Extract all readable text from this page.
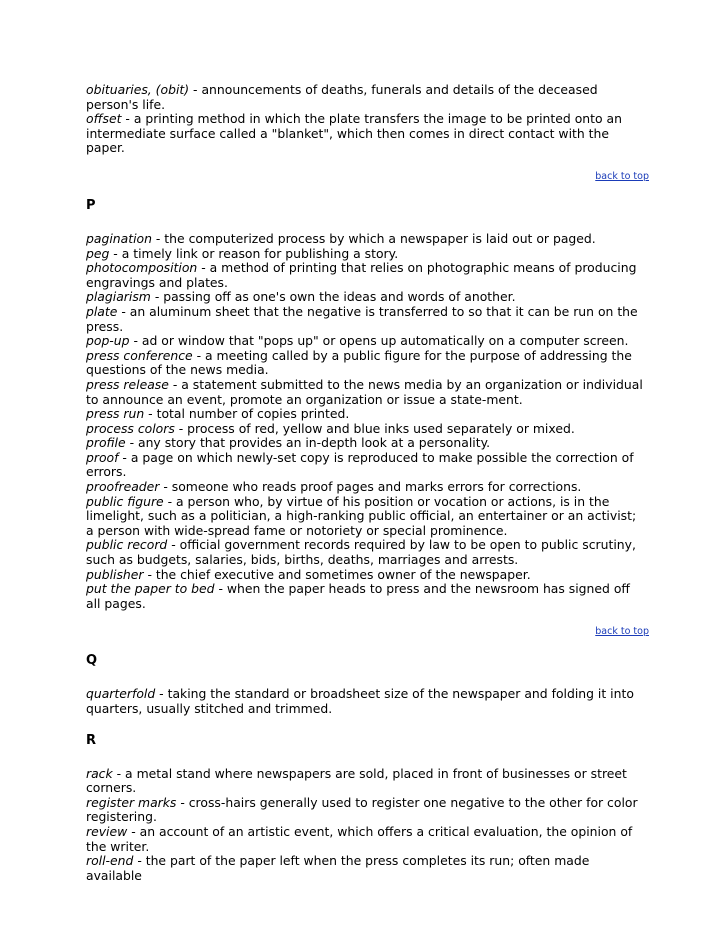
obituaries, (obit) - announcements of deaths, funerals and details of the deceased person's life.

offset - a printing method in which the plate transfers the image to be printed onto an intermediate surface called a "blanket", which then comes in direct contact with the paper.

back to top

P

pagination - the computerized process by which a newspaper is laid out or paged.

peg - a timely link or reason for publishing a story.

photocomposition - a method of printing that relies on photographic means of producing engravings and plates.

plagiarism - passing off as one's own the ideas and words of another.

plate - an aluminum sheet that the negative is transferred to so that it can be run on the press.

pop-up - ad or window that "pops up" or opens up automatically on a computer screen.

press conference - a meeting called by a public figure for the purpose of addressing the questions of the news media.

press release - a statement submitted to the news media by an organization or individual to announce an event, promote an organization or issue a state-ment.

press run - total number of copies printed.

process colors - process of red, yellow and blue inks used separately or mixed.

profile - any story that provides an in-depth look at a personality.

proof - a page on which newly-set copy is reproduced to make possible the correction of errors.

proofreader - someone who reads proof pages and marks errors for corrections.

public figure - a person who, by virtue of his position or vocation or actions, is in the limelight, such as a politician, a high-ranking public official, an entertainer or an activist; a person with wide-spread fame or notoriety or special prominence.

public record - official government records required by law to be open to public scrutiny, such as budgets, salaries, bids, births, deaths, marriages and arrests.

publisher - the chief executive and sometimes owner of the newspaper.

put the paper to bed - when the paper heads to press and the newsroom has signed off all pages.

back to top

Q

quarterfold - taking the standard or broadsheet size of the newspaper and folding it into quarters, usually stitched and trimmed.

R

rack - a metal stand where newspapers are sold, placed in front of businesses or street corners.

register marks - cross-hairs generally used to register one negative to the other for color registering.

review - an account of an artistic event, which offers a critical evaluation, the opinion of the writer.

roll-end - the part of the paper left when the press completes its run; often made available
